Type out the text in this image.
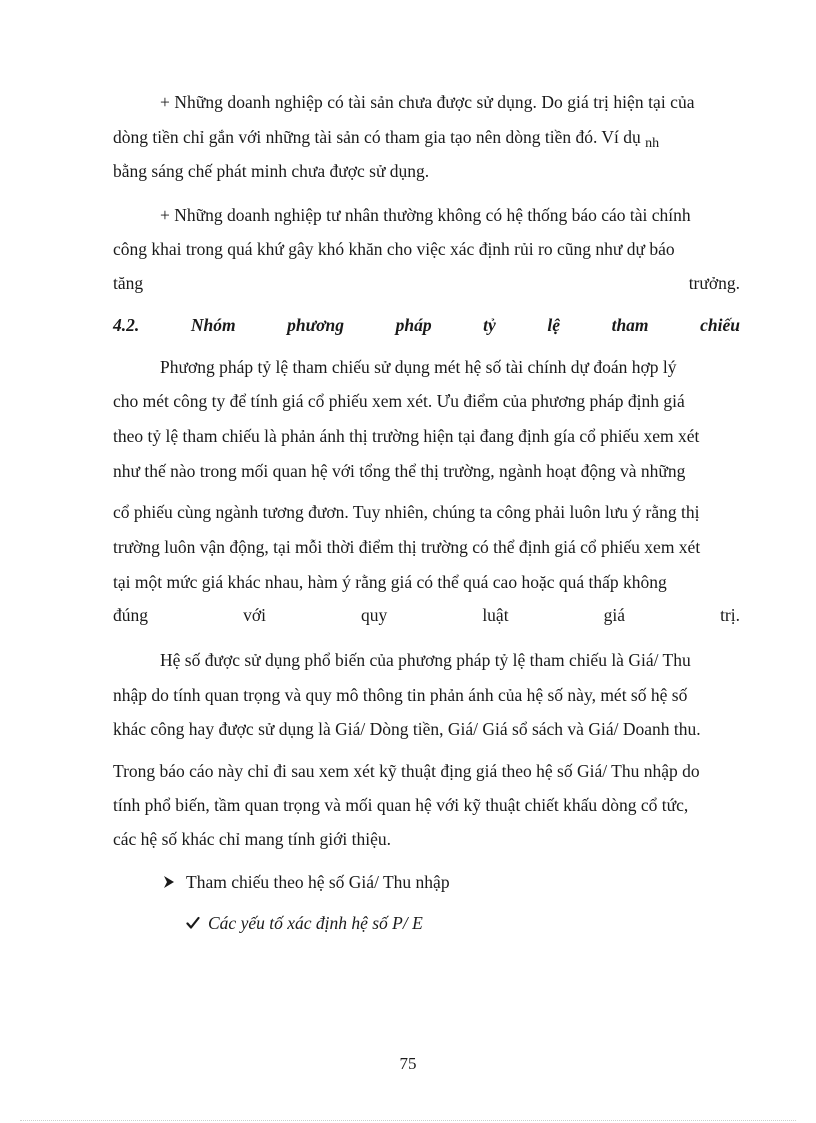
+ Những doanh nghiệp có tài sản chưa được sử dụng. Do giá trị hiện tại của
dòng tiền chỉ gắn với những tài sản có tham gia tạo nên dòng tiền đó. Ví dụ $_{nh}$
bằng sáng chế phát minh chưa được sử dụng.
+ Những doanh nghiệp tư nhân thường không có hệ thống báo cáo tài chính
công khai trong quá khứ gây khó khăn cho việc xác định rủi ro cũng như dự báo
tăng	trưởng.
4.2. Nhóm phương pháp tỷ lệ tham chiếu
Phương pháp tỷ lệ tham chiếu sử dụng mét hệ số tài chính dự đoán hợp lý
cho mét công ty để tính giá cổ phiếu xem xét. Ưu điểm của phương pháp định giá
theo tỷ lệ tham chiếu là phản ánh thị trường hiện tại đang định gía cổ phiếu xem xét
như thế nào trong mối quan hệ với tổng thể thị trường, ngành hoạt động và những
cổ phiếu cùng ngành tương đươn. Tuy nhiên, chúng ta công phải luôn lưu ý rằng thị
trường luôn vận động, tại mỗi thời điểm thị trường có thể định giá cổ phiếu xem xét
tại một mức giá khác nhau, hàm ý rằng giá có thể quá cao hoặc quá thấp không
đúng với quy luật giá trị.
Hệ số được sử dụng phổ biến của phương pháp tỷ lệ tham chiếu là Giá/ Thu
nhập do tính quan trọng và quy mô thông tin phản ánh của hệ số này, mét số hệ số
khác công hay được sử dụng là Giá/ Dòng tiền, Giá/ Giá sổ sách và Giá/ Doanh thu.
Trong báo cáo này chỉ đi sau xem xét kỹ thuật địng giá theo hệ số Giá/ Thu nhập do
tính phổ biến, tầm quan trọng và mối quan hệ với kỹ thuật chiết khấu dòng cổ tức,
các hệ số khác chỉ mang tính giới thiệu.
Tham chiếu theo hệ số Giá/ Thu nhập
Các yếu tố xác định hệ số P/ E
75
